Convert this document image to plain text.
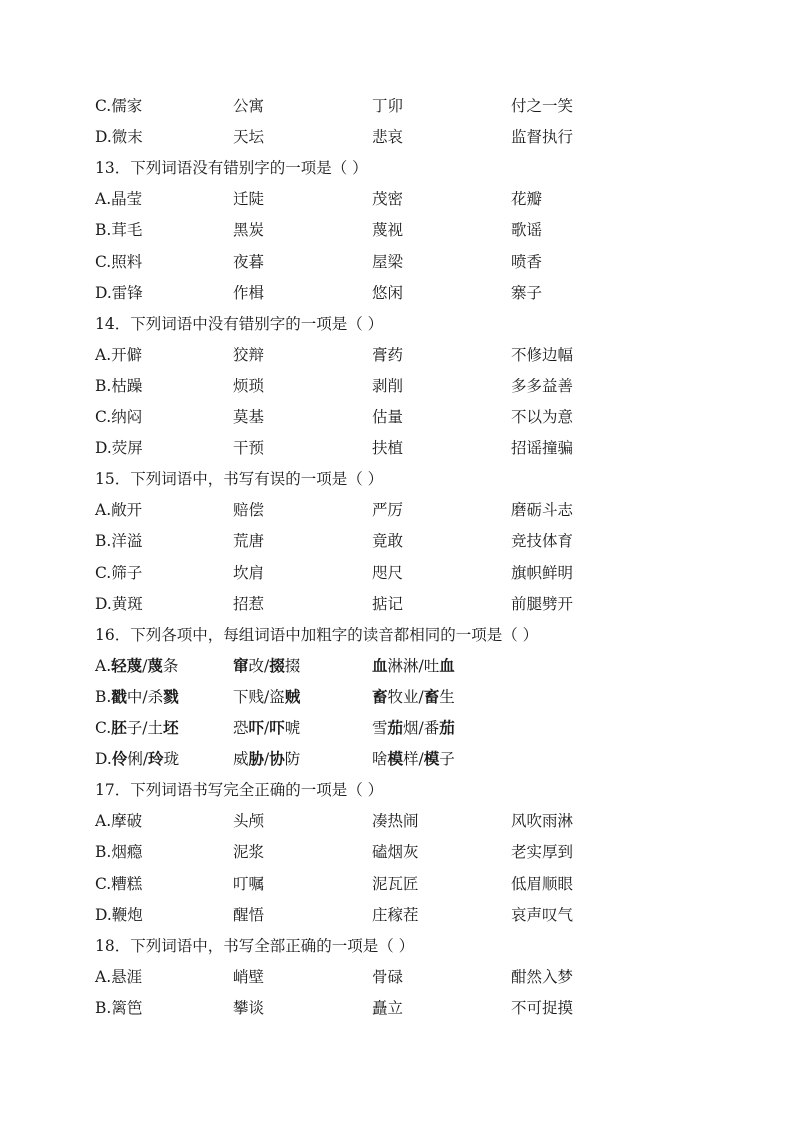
C.儒家	公寓	丁卯	付之一笑
D.微末	天坛	悲哀	监督执行
13．下列词语没有错别字的一项是（ ）
A.晶莹	迁陡	茂密	花瓣
B.茸毛	黑炭	蔑视	歌谣
C.照料	夜暮	屋梁	喷香
D.雷锋	作楫	悠闲	寨子
14．下列词语中没有错别字的一项是（ ）
A.开僻	狡辩	膏药	不修边幅
B.枯躁	烦琐	剥削	多多益善
C.纳闷	莫基	估量	不以为意
D.荧屏	干预	扶植	招谣撞骗
15．下列词语中，书写有误的一项是（ ）
A.敞开	赔偿	严厉	磨砺斗志
B.洋溢	荒唐	竟敢	竞技体育
C.筛子	坎肩	咫尺	旗帜鲜明
D.黄斑	招惹	掂记	前腿劈开
16．下列各项中，每组词语中加粗字的读音都相同的一项是（ ）
A.轻蔑/蔑条	窜改/掇掇	血淋淋/吐血
B.戳中/杀戮	下贱/盗贼	畜牧业/畜生
C.胚子/土坯	恐吓/吓唬	雪茄烟/番茄
D.伶俐/玲珑	威胁/协防	啥模样/模子
17．下列词语书写完全正确的一项是（ ）
A.摩破	头颅	凑热闹	风吹雨淋
B.烟瘾	泥浆	磕烟灰	老实厚到
C.糟糕	叮嘱	泥瓦匠	低眉顺眼
D.鞭炮	醒悟	庄稼茬	哀声叹气
18．下列词语中，书写全部正确的一项是（ ）
A.悬涯	峭壁	骨碌	酣然入梦
B.篱笆	攀谈	矗立	不可捉摸
